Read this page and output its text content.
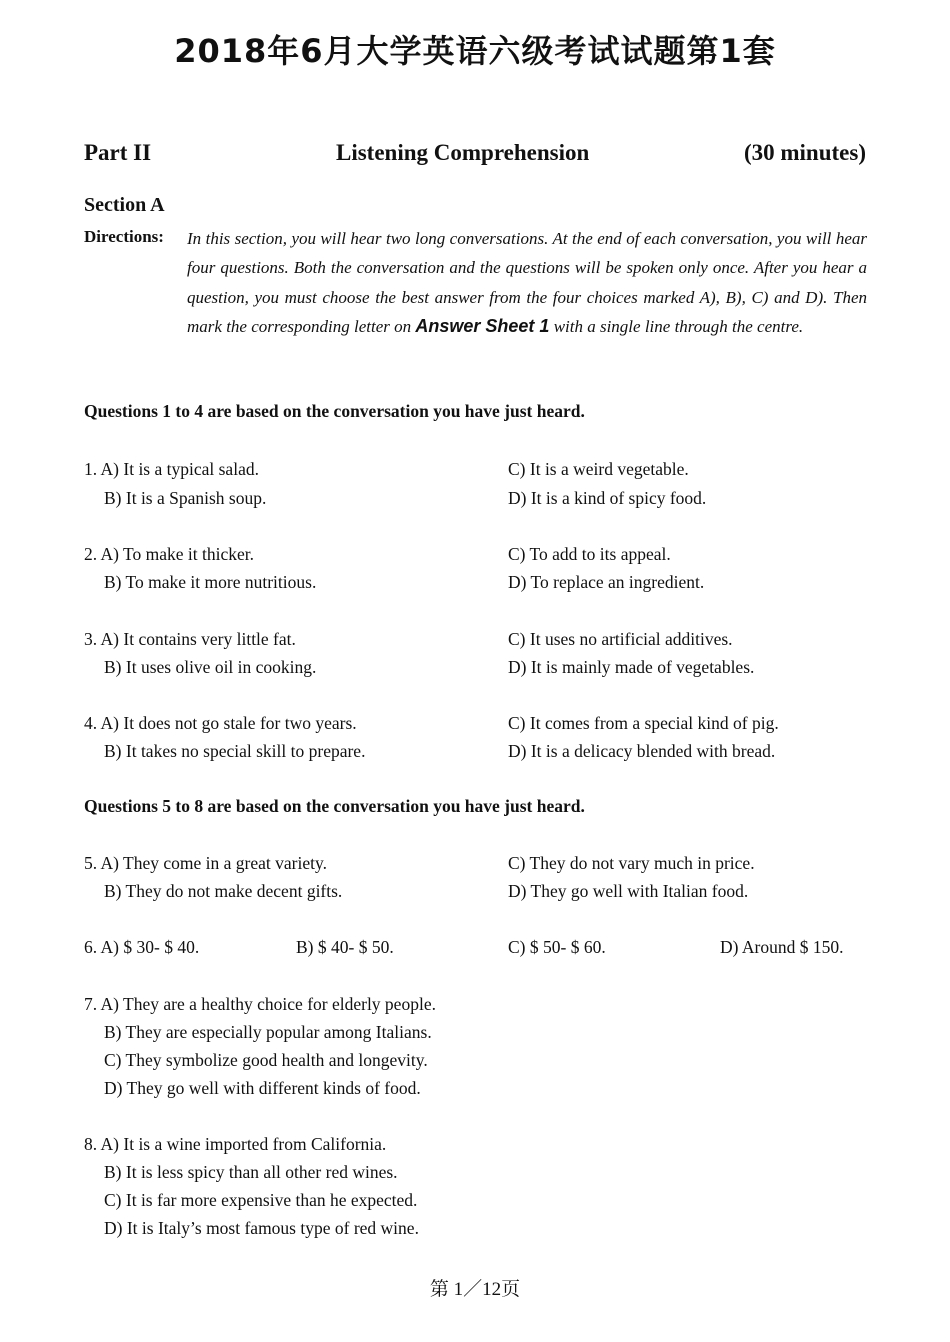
2018年6月大学英语六级考试试题第1套
Part II	Listening Comprehension	(30 minutes)
Section A
Directions: In this section, you will hear two long conversations. At the end of each conversation, you will hear four questions. Both the conversation and the questions will be spoken only once. After you hear a question, you must choose the best answer from the four choices marked A), B), C) and D). Then mark the corresponding letter on Answer Sheet 1 with a single line through the centre.
Questions 1 to 4 are based on the conversation you have just heard.
1. A) It is a typical salad.
B) It is a Spanish soup.
C) It is a weird vegetable.
D) It is a kind of spicy food.
2. A) To make it thicker.
B) To make it more nutritious.
C) To add to its appeal.
D) To replace an ingredient.
3. A) It contains very little fat.
B) It uses olive oil in cooking.
C) It uses no artificial additives.
D) It is mainly made of vegetables.
4. A) It does not go stale for two years.
B) It takes no special skill to prepare.
C) It comes from a special kind of pig.
D) It is a delicacy blended with bread.
Questions 5 to 8 are based on the conversation you have just heard.
5. A) They come in a great variety.
B) They do not make decent gifts.
C) They do not vary much in price.
D) They go well with Italian food.
6. A) $ 30- $ 40.	B) $ 40- $ 50.	C) $ 50- $ 60.	D) Around $ 150.
7. A) They are a healthy choice for elderly people.
B) They are especially popular among Italians.
C) They symbolize good health and longevity.
D) They go well with different kinds of food.
8. A) It is a wine imported from California.
B) It is less spicy than all other red wines.
C) It is far more expensive than he expected.
D) It is Italy’s most famous type of red wine.
第 1／12页
